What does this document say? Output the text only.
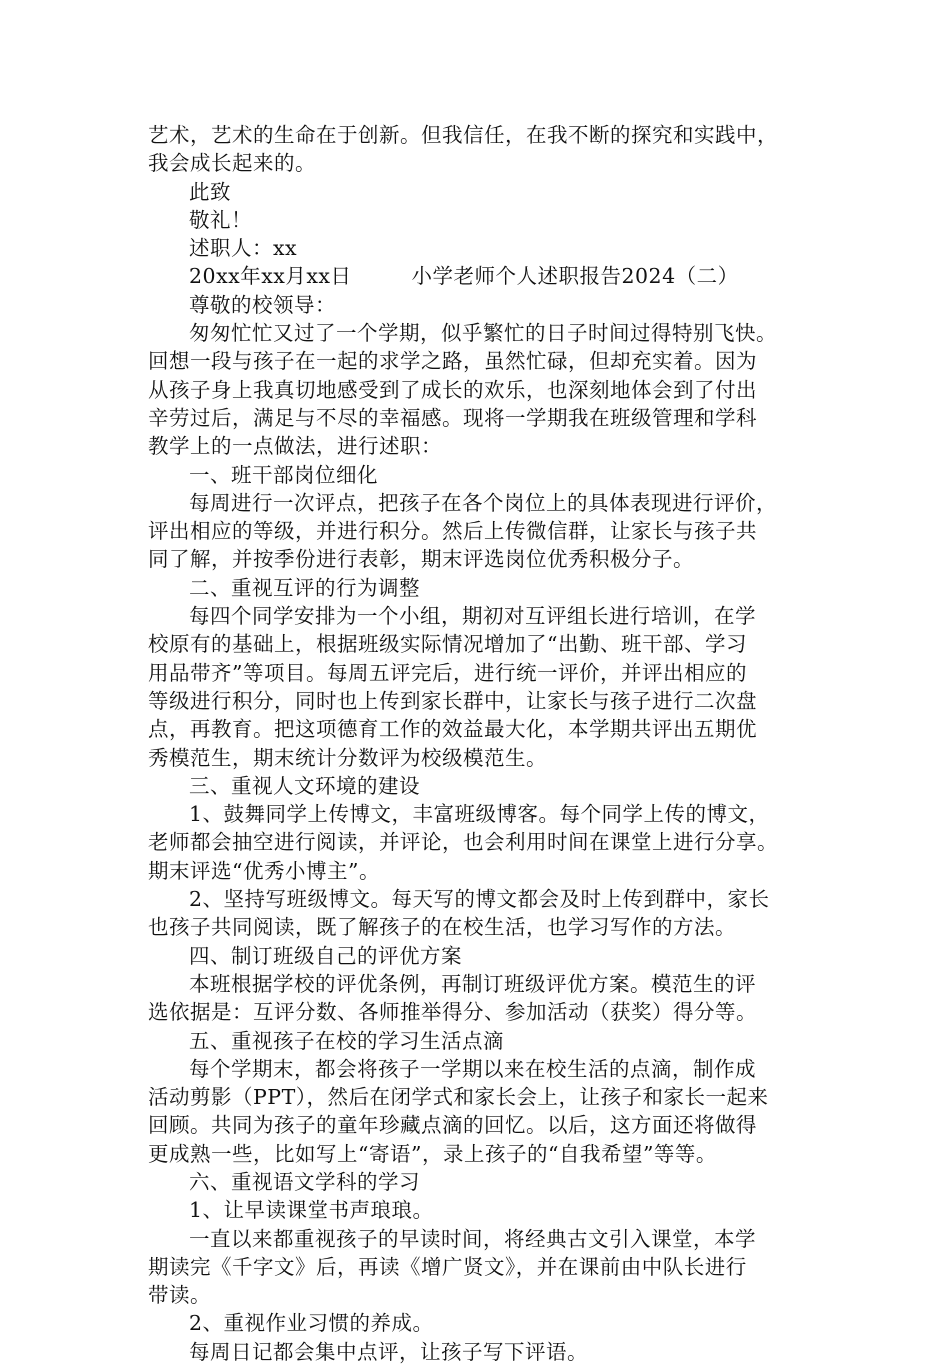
艺术，艺术的生命在于创新。但我信任，在我不断的探究和实践中，
我会成长起来的。
此致
敬礼！
述职人：xx
20xx年xx月xx日	小学老师个人述职报告2024（二）
尊敬的校领导：
匆匆忙忙又过了一个学期，似乎繁忙的日子时间过得特别飞快。
回想一段与孩子在一起的求学之路，虽然忙碌，但却充实着。因为
从孩子身上我真切地感受到了成长的欢乐，也深刻地体会到了付出
辛劳过后，满足与不尽的幸福感。现将一学期我在班级管理和学科
教学上的一点做法，进行述职：
一、班干部岗位细化
每周进行一次评点，把孩子在各个岗位上的具体表现进行评价，
评出相应的等级，并进行积分。然后上传微信群，让家长与孩子共
同了解，并按季份进行表彰，期末评选岗位优秀积极分子。
二、重视互评的行为调整
每四个同学安排为一个小组，期初对互评组长进行培训，在学
校原有的基础上，根据班级实际情况增加了“出勤、班干部、学习
用品带齐”等项目。每周五评完后，进行统一评价，并评出相应的
等级进行积分，同时也上传到家长群中，让家长与孩子进行二次盘
点，再教育。把这项德育工作的效益最大化，本学期共评出五期优
秀模范生，期末统计分数评为校级模范生。
三、重视人文环境的建设
1、鼓舞同学上传博文，丰富班级博客。每个同学上传的博文，
老师都会抽空进行阅读，并评论，也会利用时间在课堂上进行分享。
期末评选“优秀小博主”。
2、坚持写班级博文。每天写的博文都会及时上传到群中，家长
也孩子共同阅读，既了解孩子的在校生活，也学习写作的方法。
四、制订班级自己的评优方案
本班根据学校的评优条例，再制订班级评优方案。模范生的评
选依据是：互评分数、各师推举得分、参加活动（获奖）得分等。
五、重视孩子在校的学习生活点滴
每个学期末，都会将孩子一学期以来在校生活的点滴，制作成
活动剪影（PPT），然后在闭学式和家长会上，让孩子和家长一起来
回顾。共同为孩子的童年珍藏点滴的回忆。以后，这方面还将做得
更成熟一些，比如写上“寄语”，录上孩子的“自我希望”等等。
六、重视语文学科的学习
1、让早读课堂书声琅琅。
一直以来都重视孩子的早读时间，将经典古文引入课堂，本学
期读完《千字文》后，再读《增广贤文》，并在课前由中队长进行
带读。
2、重视作业习惯的养成。
每周日记都会集中点评，让孩子写下评语。
